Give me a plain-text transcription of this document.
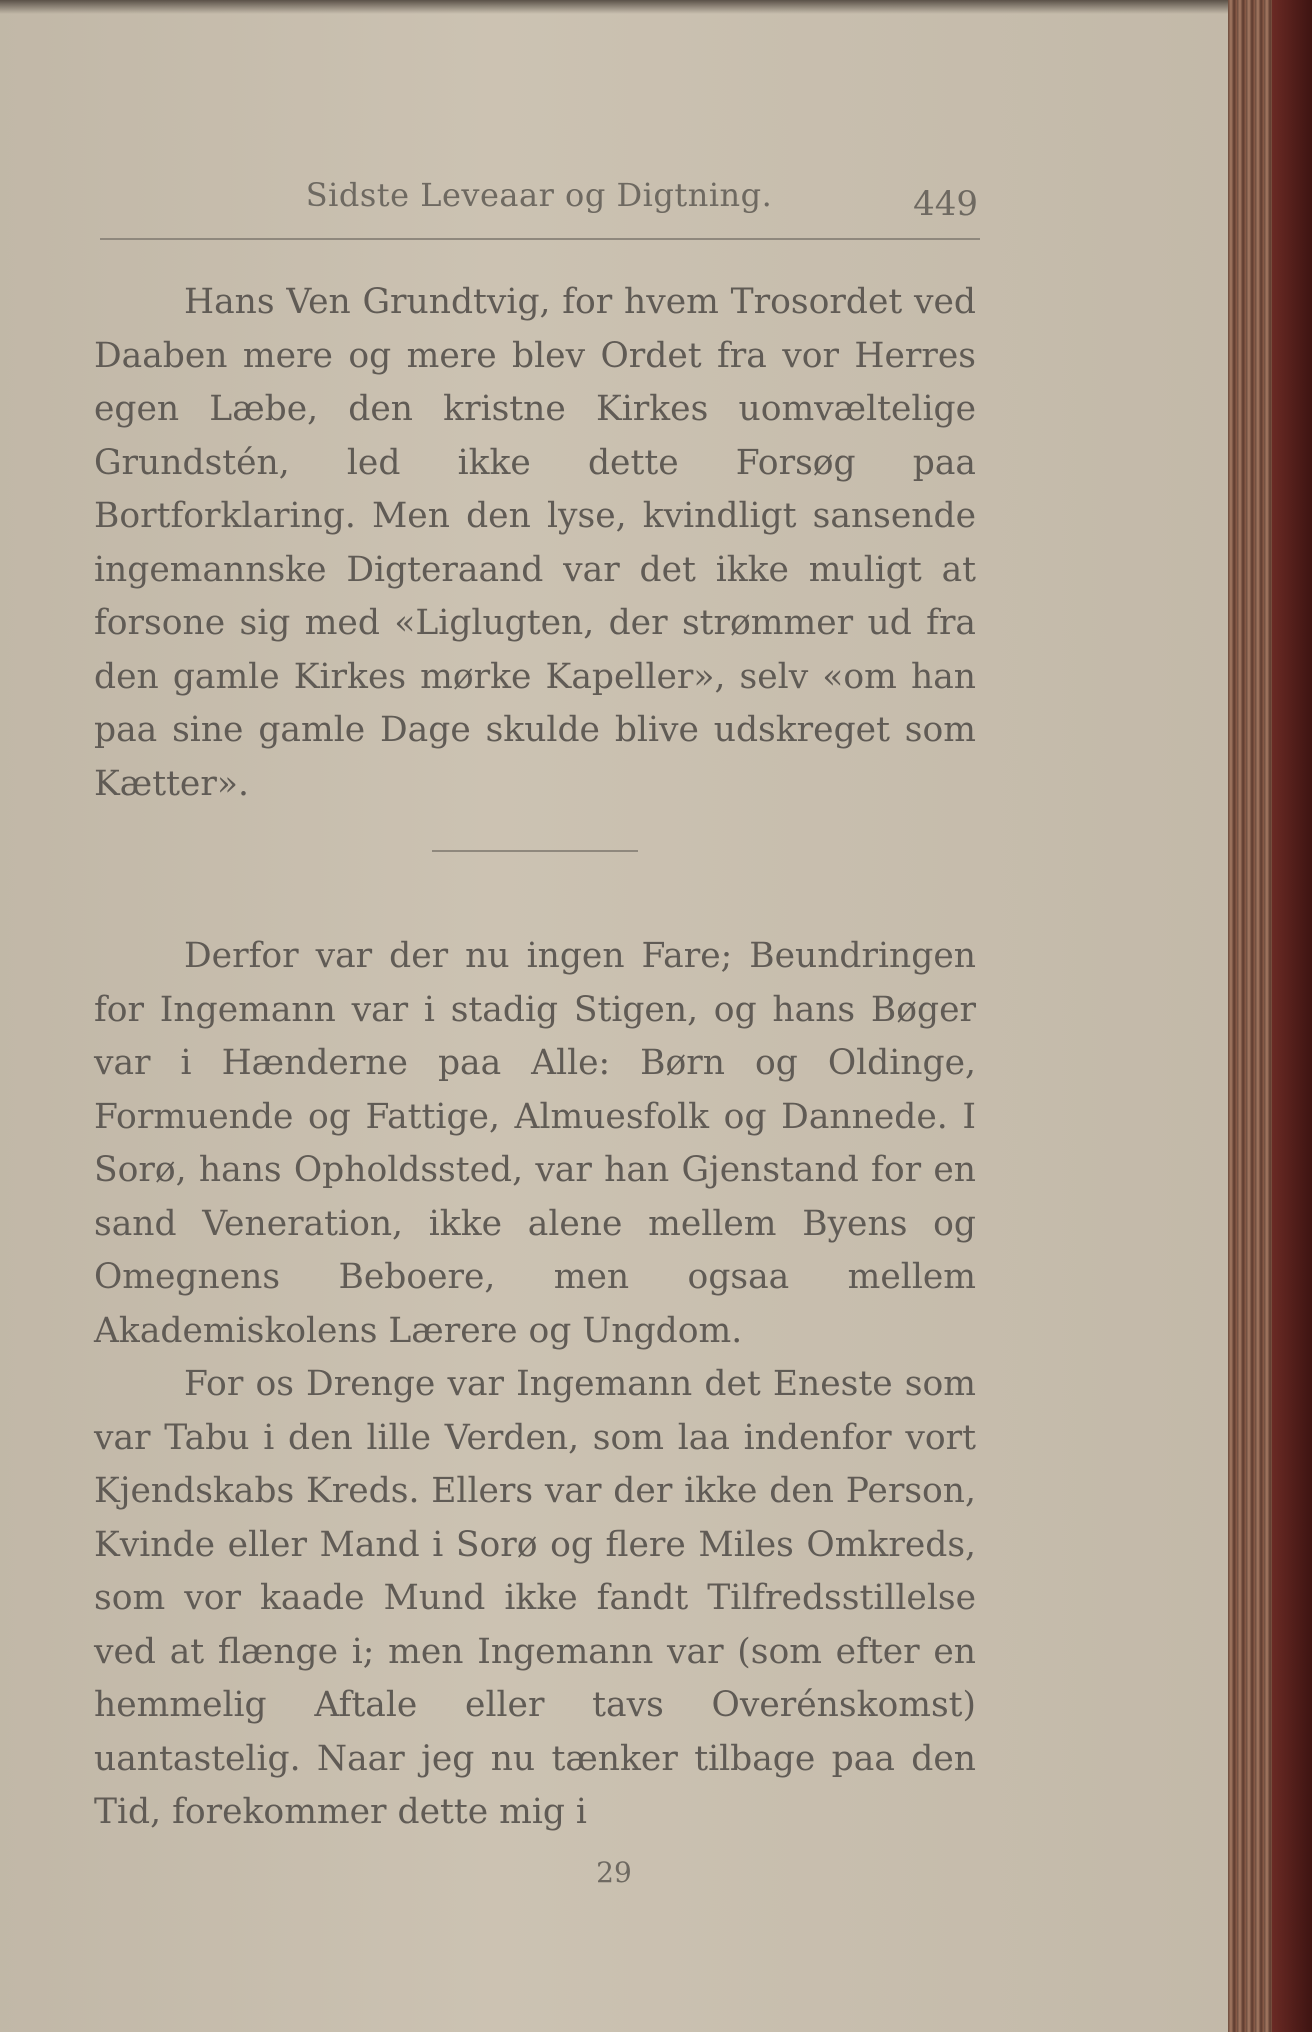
Sidste Leveaar og Digtning.	449

Hans Ven Grundtvig, for hvem Trosordet ved Daaben mere og mere blev Ordet fra vor Herres egen Læbe, den kristne Kirkes uomvæltelige Grundstén, led ikke dette Forsøg paa Bortforklaring. Men den lyse, kvindligt sansende ingemannske Digteraand var det ikke muligt at forsone sig med «Liglugten, der strømmer ud fra den gamle Kirkes mørke Kapeller», selv «om han paa sine gamle Dage skulde blive udskreget som Kætter».

Derfor var der nu ingen Fare; Beundringen for Ingemann var i stadig Stigen, og hans Bøger var i Hænderne paa Alle: Børn og Oldinge, Formuende og Fattige, Almuesfolk og Dannede. I Sorø, hans Opholdssted, var han Gjenstand for en sand Veneration, ikke alene mellem Byens og Omegnens Beboere, men ogsaa mellem Akademiskolens Lærere og Ungdom.

For os Drenge var Ingemann det Eneste som var Tabu i den lille Verden, som laa indenfor vort Kjendskabs Kreds. Ellers var der ikke den Person, Kvinde eller Mand i Sorø og flere Miles Omkreds, som vor kaade Mund ikke fandt Tilfredsstillelse ved at flænge i; men Ingemann var (som efter en hemmelig Aftale eller tavs Overénskomst) uantastelig. Naar jeg nu tænker tilbage paa den Tid, forekommer dette mig i

29
